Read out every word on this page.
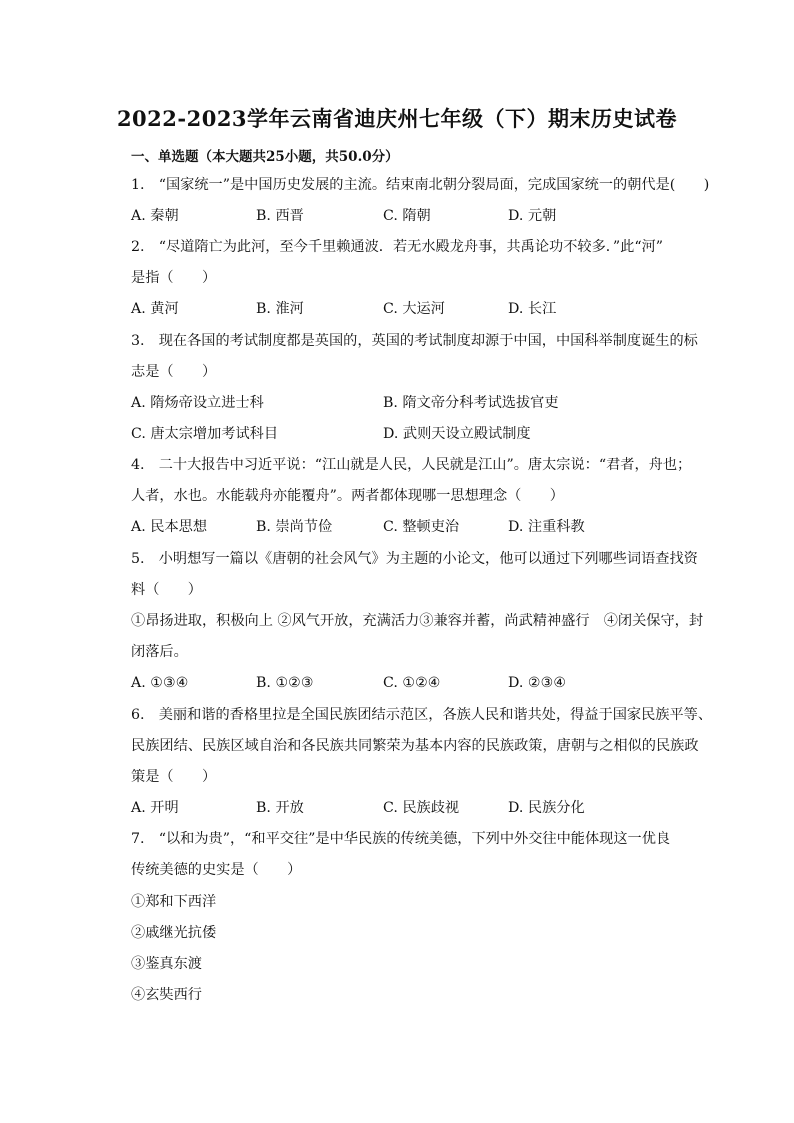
2022-2023学年云南省迪庆州七年级（下）期末历史试卷
一、单选题（本大题共25小题，共50.0分）
1.　“国家统一”是中国历史发展的主流。结束南北朝分裂局面，完成国家统一的朝代是(　　)
A. 秦朝	B. 西晋	C. 隋朝	D. 元朝
2.　“尽道隋亡为此河，至今千里赖通波．若无水殿龙舟事，共禹论功不较多．”此“河”
是指（　　）
A. 黄河	B. 淮河	C. 大运河	D. 长江
3.　现在各国的考试制度都是英国的，英国的考试制度却源于中国，中国科举制度诞生的标
志是（　　）
A. 隋炀帝设立进士科	B. 隋文帝分科考试选拔官吏
C. 唐太宗增加考试科目	D. 武则天设立殿试制度
4.　二十大报告中习近平说：“江山就是人民，人民就是江山”。唐太宗说：“君者，舟也；
人者，水也。水能载舟亦能覆舟”。两者都体现哪一思想理念（　　）
A. 民本思想	B. 崇尚节俭	C. 整顿吏治	D. 注重科教
5.　小明想写一篇以《唐朝的社会风气》为主题的小论文，他可以通过下列哪些词语查找资
料（　　）
①昂扬进取，积极向上 ②风气开放，充满活力③兼容并蓄，尚武精神盛行　④闭关保守，封
闭落后。
A. ①③④	B. ①②③	C. ①②④	D. ②③④
6.　美丽和谐的香格里拉是全国民族团结示范区，各族人民和谐共处，得益于国家民族平等、
民族团结、民族区域自治和各民族共同繁荣为基本内容的民族政策，唐朝与之相似的民族政
策是（　　）
A. 开明	B. 开放	C. 民族歧视	D. 民族分化
7.　“以和为贵”，“和平交往”是中华民族的传统美德，下列中外交往中能体现这一优良
传统美德的史实是（　　）
①郑和下西洋
②戚继光抗倭
③鉴真东渡
④玄奘西行
